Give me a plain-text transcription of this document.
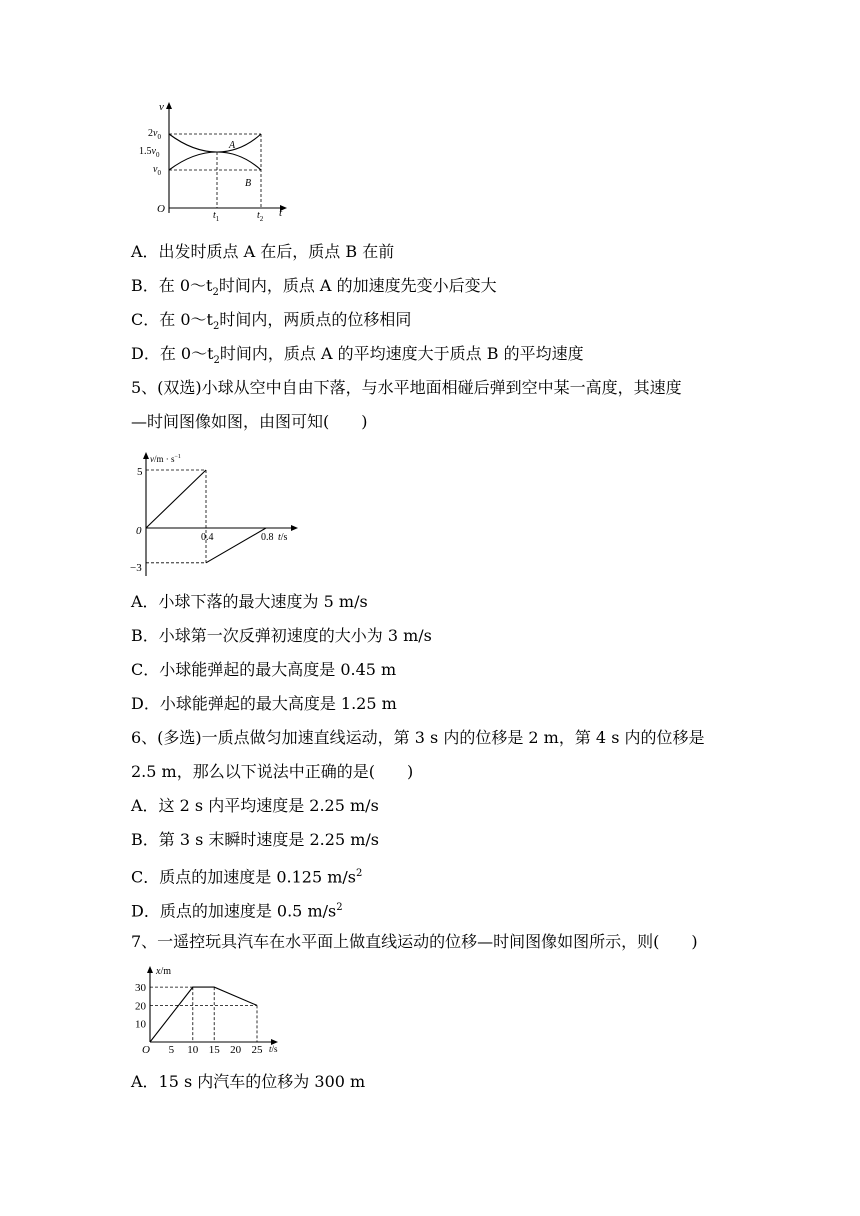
v
t
O
$2v_0$
$1.5v_0$
$v_0$
$t_1$	$t_2$
A
B
A．出发时质点 A 在后，质点 B 在前
B．在 $0\sim t_2$时间内，质点 A 的加速度先变小后变大
C．在 $0\sim t_2$时间内，两质点的位移相同
D．在 $0\sim t_2$时间内，质点 A 的平均速度大于质点 B 的平均速度
5、(双选)小球从空中自由下落，与水平地面相碰后弹到空中某一高度，其速度
—时间图像如图，由图可知(　　)
$v/m \cdot s^{-1}$
t/s
0
5
−3
0.4	0.8
A．小球下落的最大速度为 5 m/s
B．小球第一次反弹初速度的大小为 3 m/s
C．小球能弹起的最大高度是 0.45 m
D．小球能弹起的最大高度是 1.25 m
6、(多选)一质点做匀加速直线运动，第 3 s 内的位移是 2 m，第 4 s 内的位移是
2.5 m，那么以下说法中正确的是(　　)
A．这 2 s 内平均速度是 2.25 m/s
B．第 3 s 末瞬时速度是 2.25 m/s
C．质点的加速度是 0.125 $m/s^2$
D．质点的加速度是 0.5 $m/s^2$
7、一遥控玩具汽车在水平面上做直线运动的位移—时间图像如图所示，则(　　)
x/m
t/s
O
30
20
10
5 10 15 20 25
A．15 s 内汽车的位移为 300 m
